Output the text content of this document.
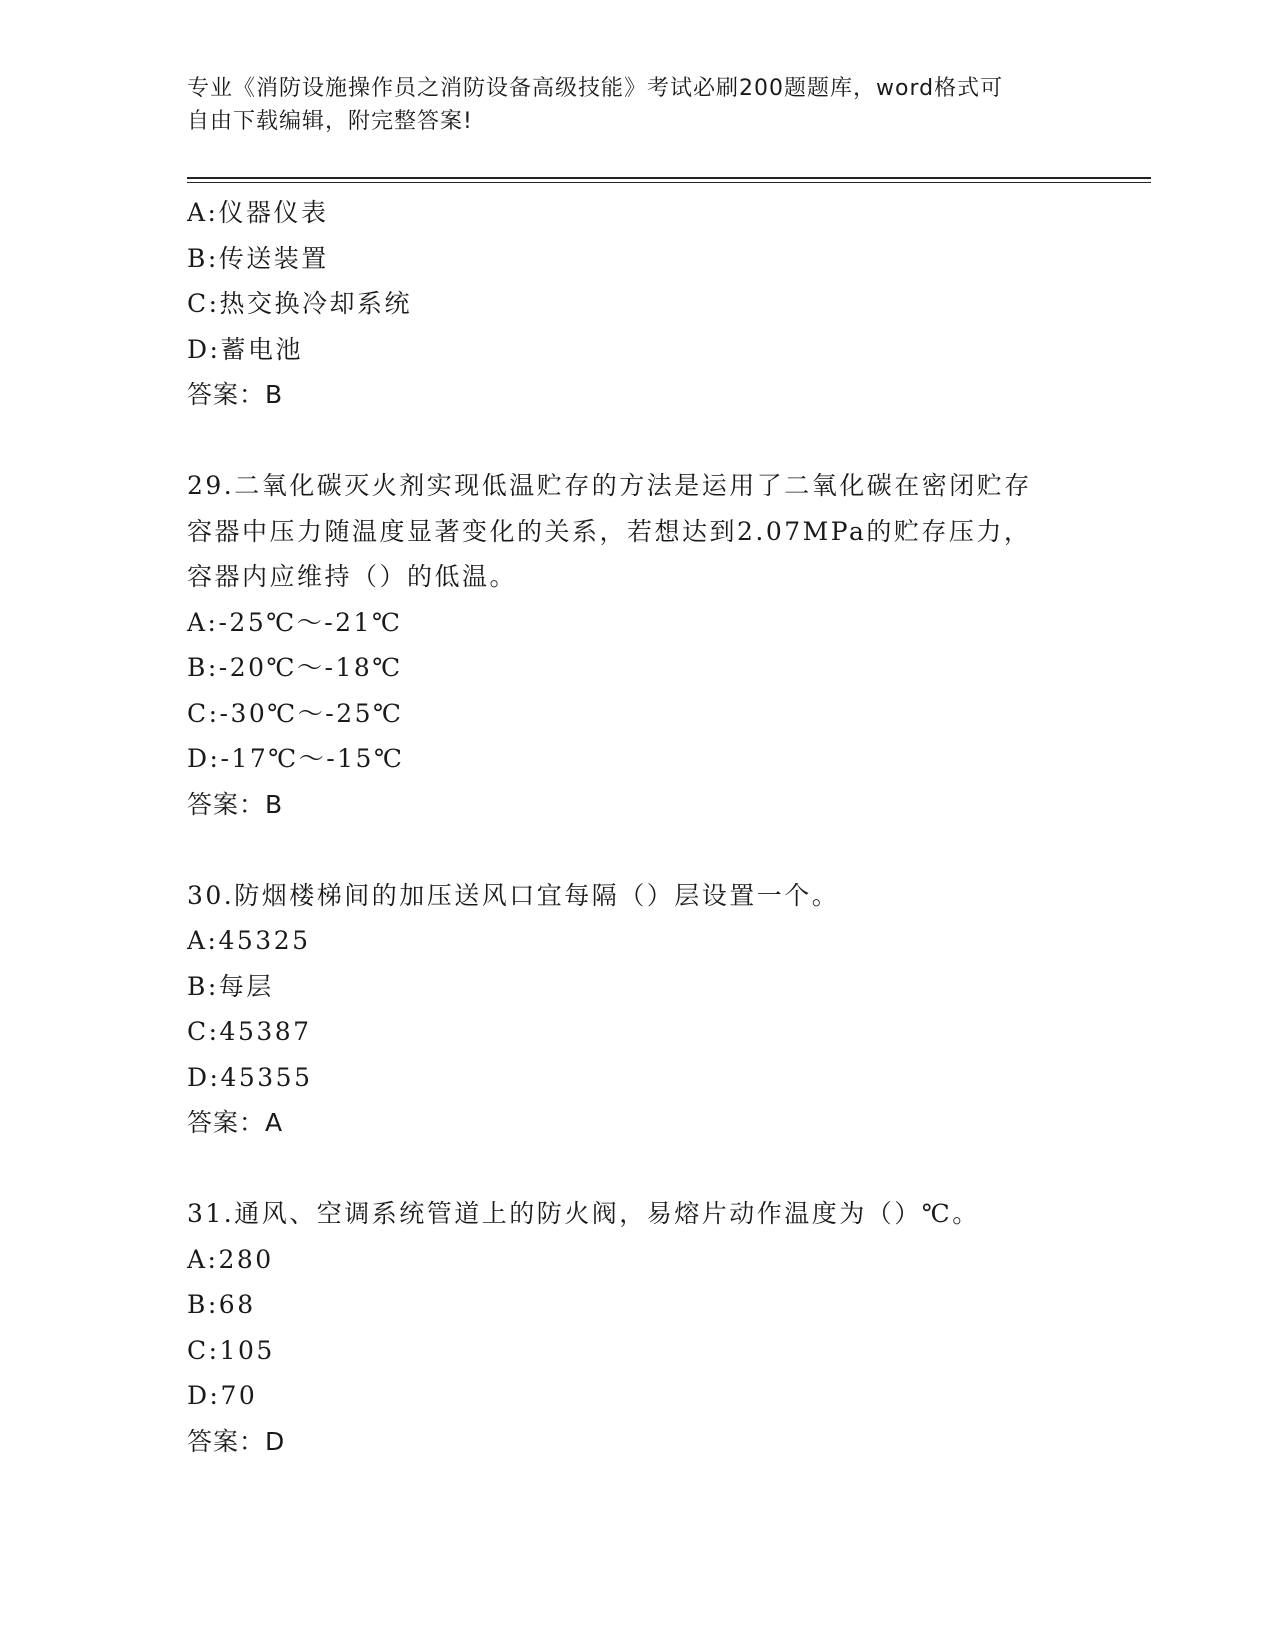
专业《消防设施操作员之消防设备高级技能》考试必刷200题题库，word格式可
自由下载编辑，附完整答案!
A:仪器仪表
B:传送装置
C:热交换冷却系统
D:蓄电池
答案：B
29.二氧化碳灭火剂实现低温贮存的方法是运用了二氧化碳在密闭贮存
容器中压力随温度显著变化的关系，若想达到2.07MPa的贮存压力，
容器内应维持（）的低温。
A:-25℃～-21℃
B:-20℃～-18℃
C:-30℃～-25℃
D:-17℃～-15℃
答案：B
30.防烟楼梯间的加压送风口宜每隔（）层设置一个。
A:45325
B:每层
C:45387
D:45355
答案：A
31.通风、空调系统管道上的防火阀，易熔片动作温度为（）℃。
A:280
B:68
C:105
D:70
答案：D
